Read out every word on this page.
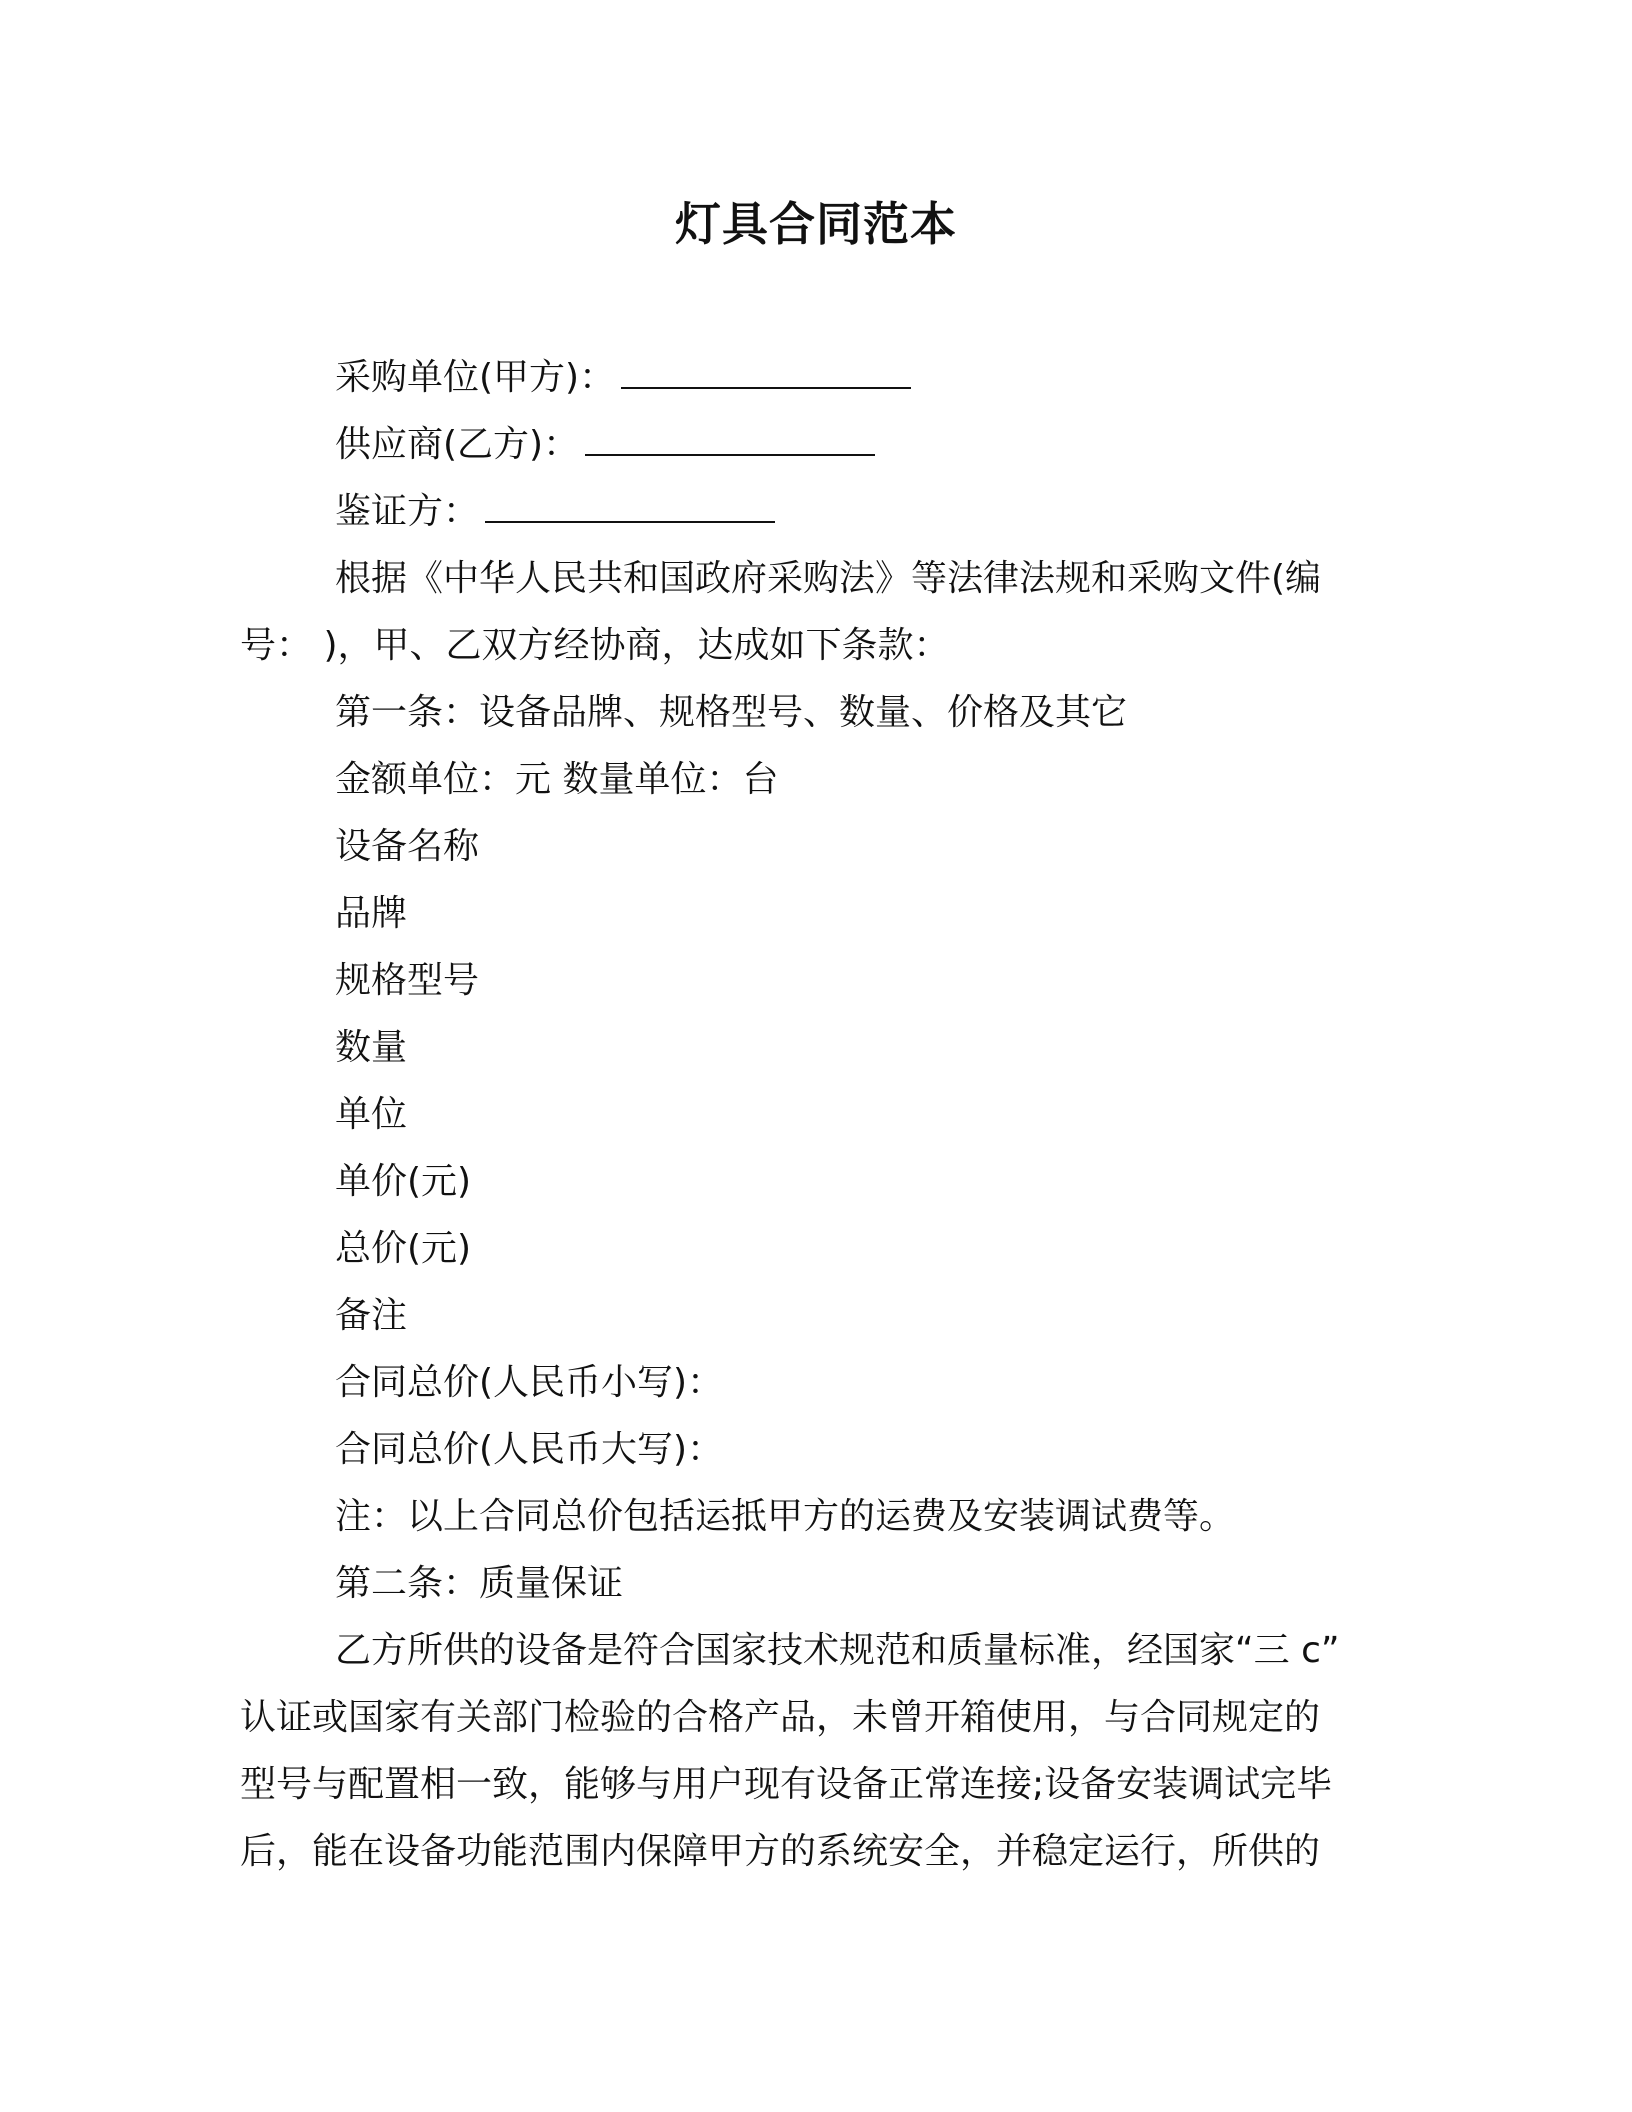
灯具合同范本
采购单位(甲方)：
供应商(乙方)：
鉴证方：
根据《中华人民共和国政府采购法》等法律法规和采购文件(编
号： )，甲、乙双方经协商，达成如下条款：
第一条：设备品牌、规格型号、数量、价格及其它
金额单位：元 数量单位：台
设备名称
品牌
规格型号
数量
单位
单价(元)
总价(元)
备注
合同总价(人民币小写)：
合同总价(人民币大写)：
注：以上合同总价包括运抵甲方的运费及安装调试费等。
第二条：质量保证
乙方所供的设备是符合国家技术规范和质量标准，经国家“三 c”
认证或国家有关部门检验的合格产品，未曾开箱使用，与合同规定的
型号与配置相一致，能够与用户现有设备正常连接;设备安装调试完毕
后，能在设备功能范围内保障甲方的系统安全，并稳定运行，所供的
